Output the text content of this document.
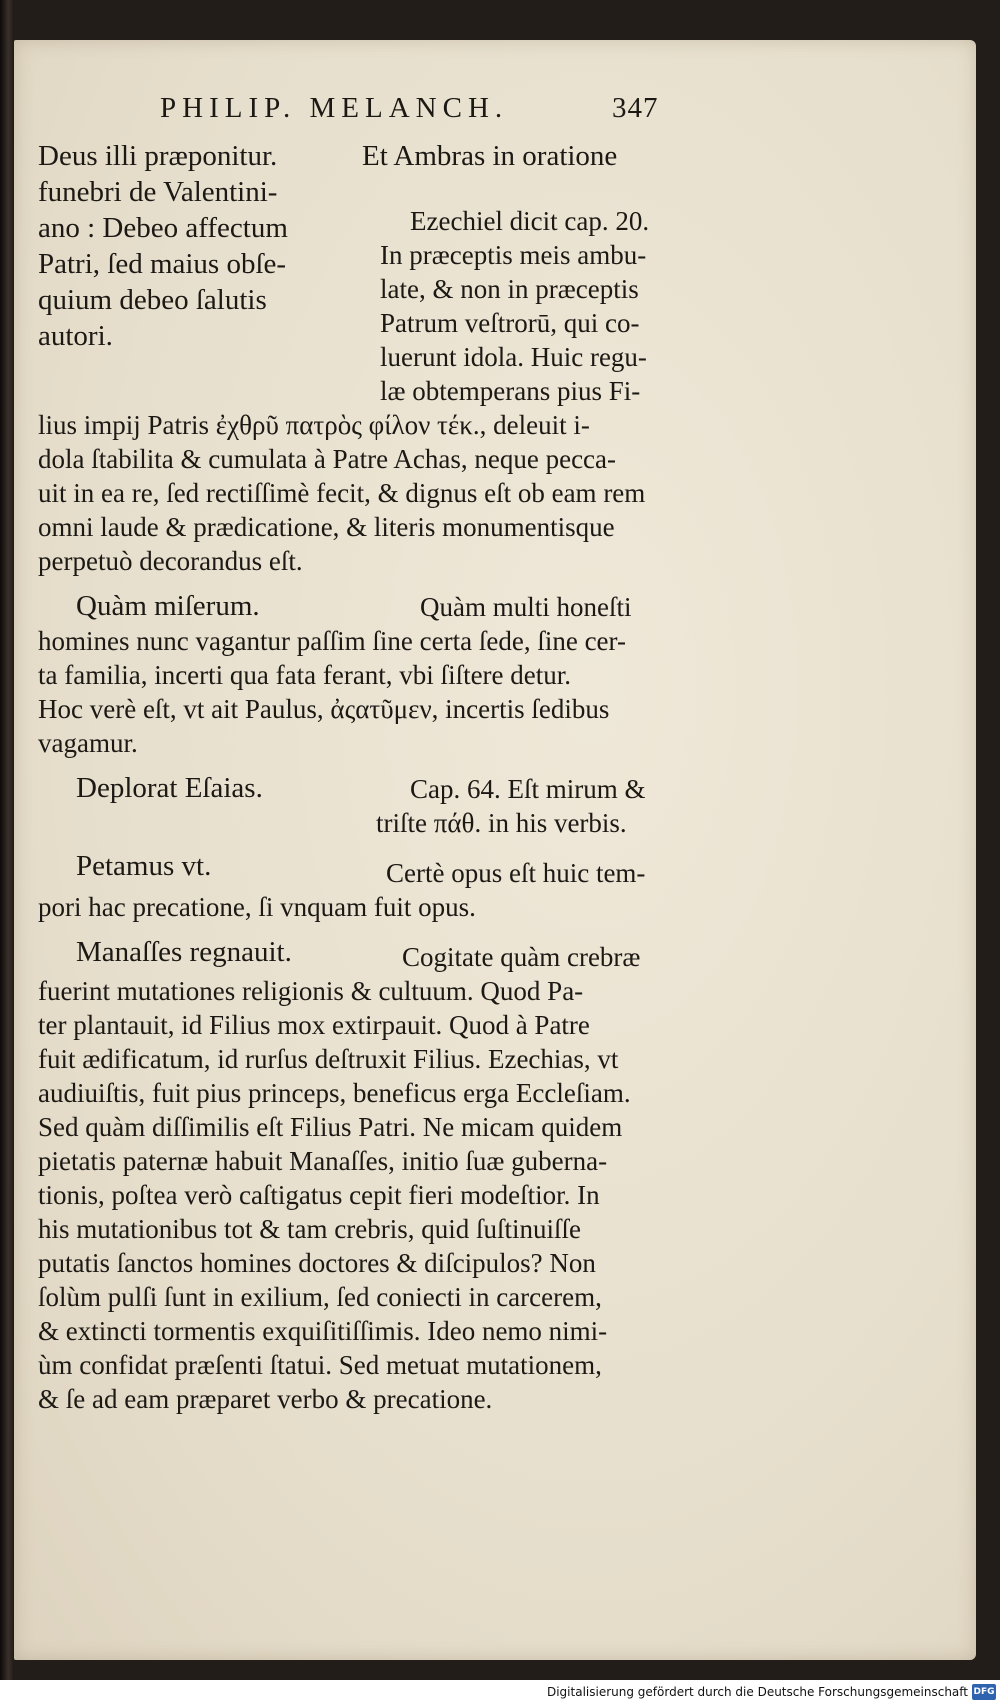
PHILIP. MELANCH.	347
Deus illi præponitur.	Et Ambras in oratione
funebri de Valentini-
ano : Debeo affectum
Patri, ſed maius obſe-
quium debeo ſalutis
autori.
Ezechiel dicit cap. 20.
In præceptis meis ambu-
late, & non in præceptis
Patrum veſtrorū, qui co-
luerunt idola. Huic regu-
læ obtemperans pius Fi-
lius impij Patris ἐχθρῦ πατρὸς φίλον τέκ., deleuit i-
dola ſtabilita & cumulata à Patre Achas, neque pecca-
uit in ea re, ſed rectiſſimè fecit, & dignus eſt ob eam rem
omni laude & prædicatione, & literis monumentisque
perpetuò decorandus eſt.
Quàm miſerum.	Quàm multi honeſti
homines nunc vagantur paſſim ſine certa ſede, ſine cer-
ta familia, incerti qua fata ferant, vbi ſiſtere detur.
Hoc verè eſt, vt ait Paulus, ἀςατῦμεν, incertis ſedibus
vagamur.
Deplorat Eſaias.	Cap. 64. Eſt mirum &
triſte πάθ. in his verbis.
Petamus vt.	Certè opus eſt huic tem-
pori hac precatione, ſi vnquam fuit opus.
Manaſſes regnauit.	Cogitate quàm crebræ
fuerint mutationes religionis & cultuum. Quod Pa-
ter plantauit, id Filius mox extirpauit. Quod à Patre
fuit ædificatum, id rurſus deſtruxit Filius. Ezechias, vt
audiuiſtis, fuit pius princeps, beneficus erga Eccleſiam.
Sed quàm diſſimilis eſt Filius Patri. Ne micam quidem
pietatis paternæ habuit Manaſſes, initio ſuæ guberna-
tionis, poſtea verò caſtigatus cepit fieri modeſtior. In
his mutationibus tot & tam crebris, quid ſuſtinuiſſe
putatis ſanctos homines doctores & diſcipulos? Non
ſolùm pulſi ſunt in exilium, ſed coniecti in carcerem,
& extincti tormentis exquiſitiſſimis. Ideo nemo nimi-
ùm confidat præſenti ſtatui. Sed metuat mutationem,
& ſe ad eam præparet verbo & precatione.
Digitalisierung gefördert durch die Deutsche Forschungsgemeinschaft DFG
